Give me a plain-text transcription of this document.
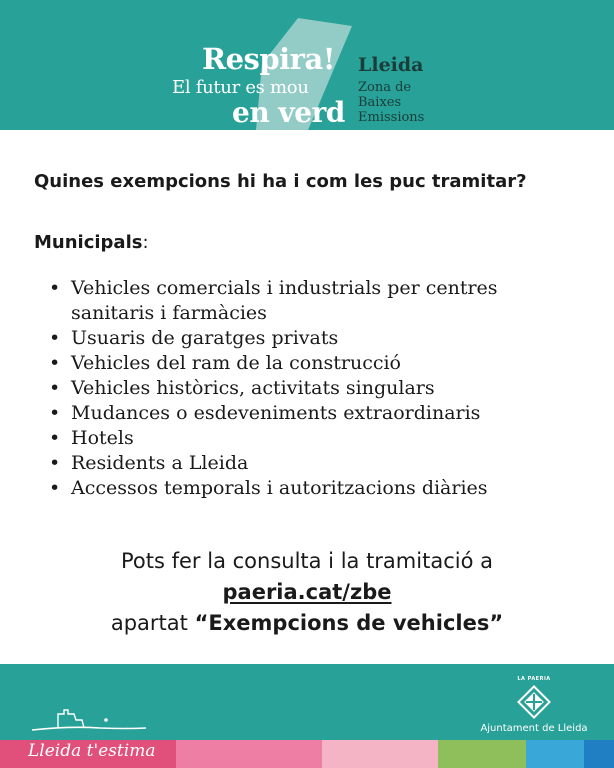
Respira!
El futur es mou
en verd
Lleida
Zona de
Baixes
Emissions
Quines exempcions hi ha i com les puc tramitar?
Municipals:
• Vehicles comercials i industrials per centres sanitaris i farmàcies
• Usuaris de garatges privats
• Vehicles del ram de la construcció
• Vehicles històrics, activitats singulars
• Mudances o esdeveniments extraordinaris
• Hotels
• Residents a Lleida
• Accessos temporals i autoritzacions diàries
Pots fer la consulta i la tramitació a
paeria.cat/zbe
apartat “Exempcions de vehicles”
LA PAERIA
Ajuntament de Lleida
Lleida t'estima
